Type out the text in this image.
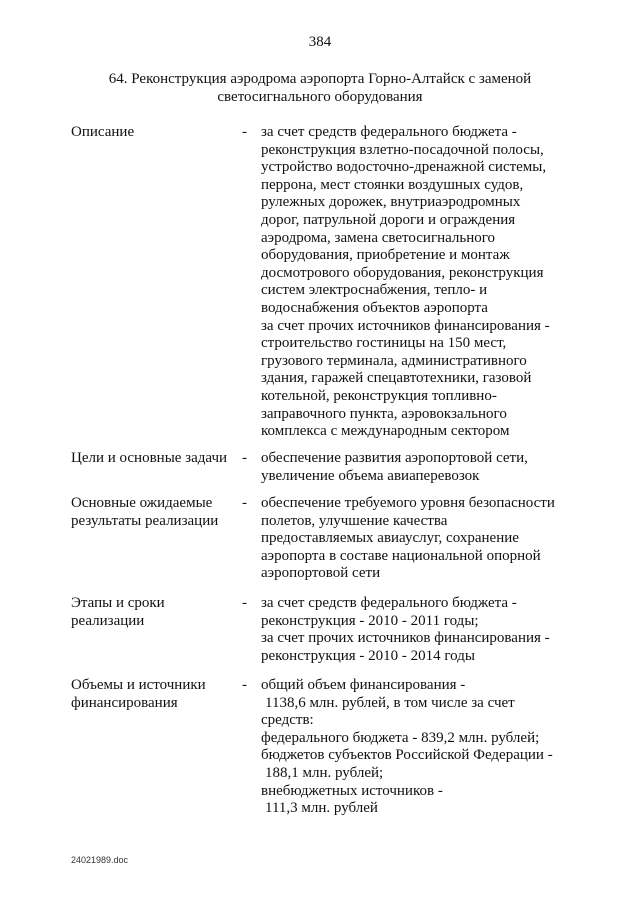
384
64. Реконструкция аэродрома аэропорта Горно-Алтайск с заменой
светосигнального оборудования
Описание	- за счет средств федерального бюджета -
реконструкция взлетно-посадочной полосы,
устройство водосточно-дренажной системы,
перрона, мест стоянки воздушных судов,
рулежных дорожек, внутриаэродромных
дорог, патрульной дороги и ограждения
аэродрома, замена светосигнального
оборудования, приобретение и монтаж
досмотрового оборудования, реконструкция
систем электроснабжения, тепло- и
водоснабжения объектов аэропорта
за счет прочих источников финансирования -
строительство гостиницы на 150 мест,
грузового терминала, административного
здания, гаражей спецавтотехники, газовой
котельной, реконструкция топливно-
заправочного пункта, аэровокзального
комплекса с международным сектором
Цели и основные задачи - обеспечение развития аэропортовой сети,
увеличение объема авиаперевозок
Основные ожидаемые
результаты реализации
- обеспечение требуемого уровня безопасности
полетов, улучшение качества
предоставляемых авиауслуг, сохранение
аэропорта в составе национальной опорной
аэропортовой сети
Этапы и сроки
реализации
- за счет средств федерального бюджета -
реконструкция - 2010 - 2011 годы;
за счет прочих источников финансирования -
реконструкция - 2010 - 2014 годы
Объемы и источники
финансирования
- общий объем финансирования -
1138,6 млн. рублей, в том числе за счет
средств:
федерального бюджета - 839,2 млн. рублей;
бюджетов субъектов Российской Федерации -
188,1 млн. рублей;
внебюджетных источников -
111,3 млн. рублей
24021989.doc
